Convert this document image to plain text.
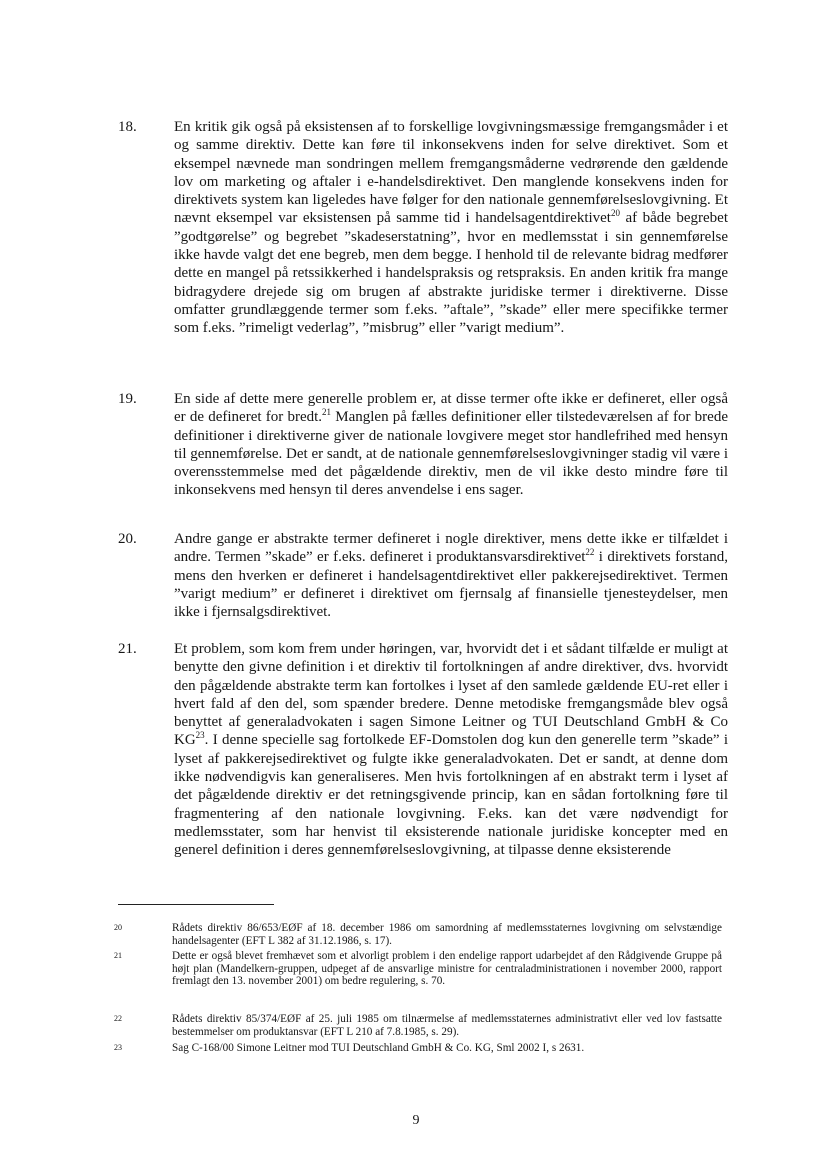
18.	En kritik gik også på eksistensen af to forskellige lovgivningsmæssige fremgangsmåder i et og samme direktiv. Dette kan føre til inkonsekvens inden for selve direktivet. Som et eksempel nævnede man sondringen mellem fremgangsmåderne vedrørende den gældende lov om marketing og aftaler i e-handelsdirektivet. Den manglende konsekvens inden for direktivets system kan ligeledes have følger for den nationale gennemførelseslovgivning. Et nævnt eksempel var eksistensen på samme tid i handelsagentdirektivet$^{20}$ af både begrebet ”godtgørelse” og begrebet ”skadeserstatning”, hvor en medlemsstat i sin gennemførelse ikke havde valgt det ene begreb, men dem begge. I henhold til de relevante bidrag medfører dette en mangel på retssikkerhed i handelspraksis og retspraksis. En anden kritik fra mange bidragydere drejede sig om brugen af abstrakte juridiske termer i direktiverne. Disse omfatter grundlæggende termer som f.eks. ”aftale”, ”skade” eller mere specifikke termer som f.eks. ”rimeligt vederlag”, ”misbrug” eller ”varigt medium”.
19.	En side af dette mere generelle problem er, at disse termer ofte ikke er defineret, eller også er de defineret for bredt.$^{21}$ Manglen på fælles definitioner eller tilstedeværelsen af for brede definitioner i direktiverne giver de nationale lovgivere meget stor handlefrihed med hensyn til gennemførelse. Det er sandt, at de nationale gennemførelseslovgivninger stadig vil være i overensstemmelse med det pågældende direktiv, men de vil ikke desto mindre føre til inkonsekvens med hensyn til deres anvendelse i ens sager.
20.	Andre gange er abstrakte termer defineret i nogle direktiver, mens dette ikke er tilfældet i andre. Termen ”skade” er f.eks. defineret i produktansvarsdirektivet$^{22}$ i direktivets forstand, mens den hverken er defineret i handelsagentdirektivet eller pakkerejsedirektivet. Termen ”varigt medium” er defineret i direktivet om fjernsalg af finansielle tjenesteydelser, men ikke i fjernsalgsdirektivet.
21.	Et problem, som kom frem under høringen, var, hvorvidt det i et sådant tilfælde er muligt at benytte den givne definition i et direktiv til fortolkningen af andre direktiver, dvs. hvorvidt den pågældende abstrakte term kan fortolkes i lyset af den samlede gældende EU-ret eller i hvert fald af den del, som spænder bredere. Denne metodiske fremgangsmåde blev også benyttet af generaladvokaten i sagen Simone Leitner og TUI Deutschland GmbH & Co KG$^{23}$. I denne specielle sag fortolkede EF-Domstolen dog kun den generelle term ”skade” i lyset af pakkerejsedirektivet og fulgte ikke generaladvokaten. Det er sandt, at denne dom ikke nødvendigvis kan generaliseres. Men hvis fortolkningen af en abstrakt term i lyset af det pågældende direktiv er det retningsgivende princip, kan en sådan fortolkning føre til fragmentering af den nationale lovgivning. F.eks. kan det være nødvendigt for medlemsstater, som har henvist til eksisterende nationale juridiske koncepter med en generel definition i deres gennemførelseslovgivning, at tilpasse denne eksisterende
20	Rådets direktiv 86/653/EØF af 18. december 1986 om samordning af medlemsstaternes lovgivning om selvstændige handelsagenter (EFT L 382 af 31.12.1986, s. 17).
21	Dette er også blevet fremhævet som et alvorligt problem i den endelige rapport udarbejdet af den Rådgivende Gruppe på højt plan (Mandelkern-gruppen, udpeget af de ansvarlige ministre for centraladministrationen i november 2000, rapport fremlagt den 13. november 2001) om bedre regulering, s. 70.
22	Rådets direktiv 85/374/EØF af 25. juli 1985 om tilnærmelse af medlemsstaternes administrativt eller ved lov fastsatte bestemmelser om produktansvar (EFT L 210 af 7.8.1985, s. 29).
23	Sag C-168/00 Simone Leitner mod TUI Deutschland GmbH & Co. KG, Sml 2002 I, s 2631.
9
